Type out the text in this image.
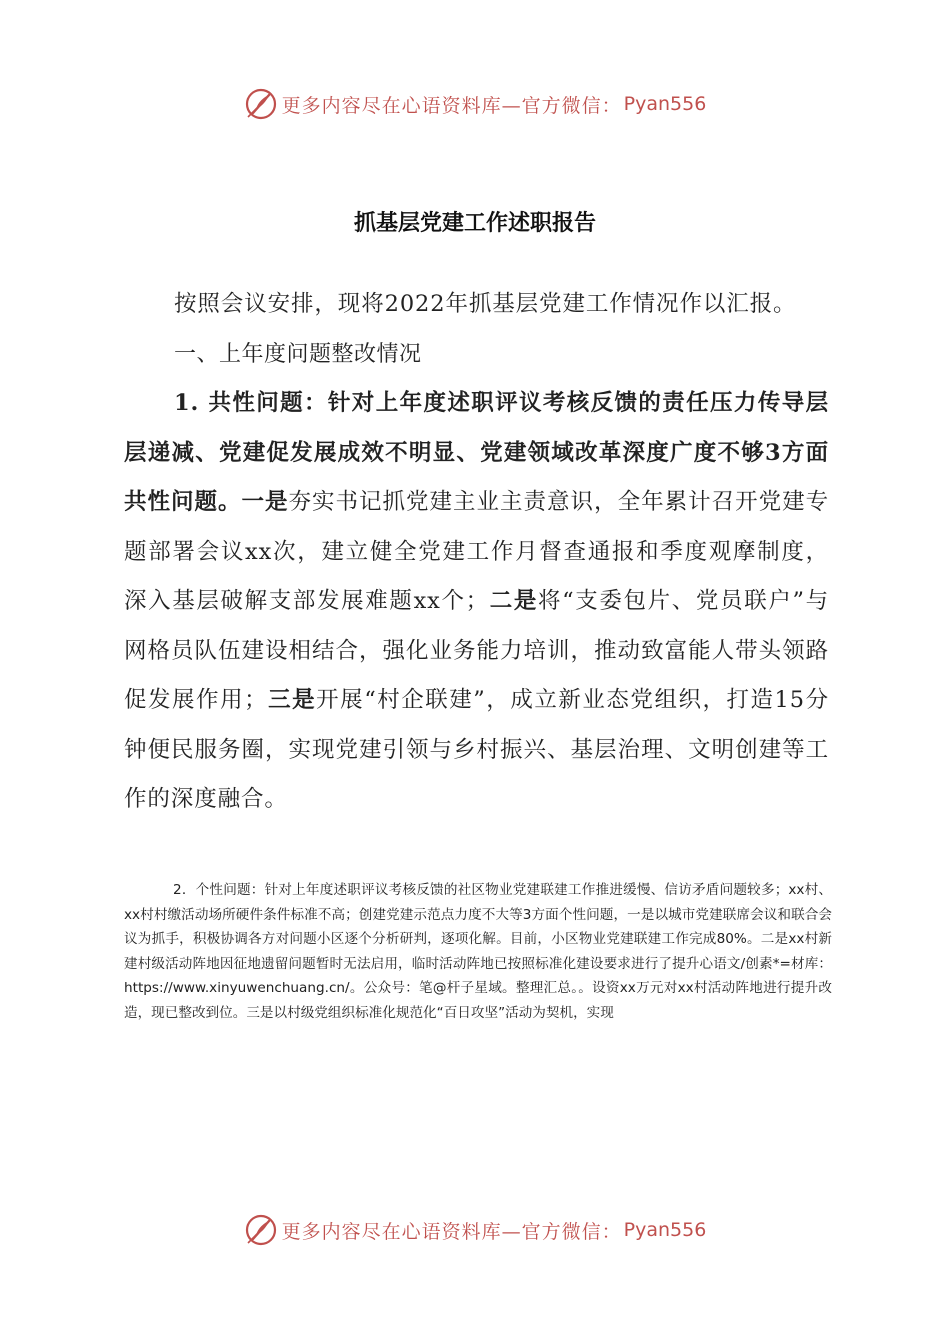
更多内容尽在心语资料库—官方微信： Pyan556
抓基层党建工作述职报告

按照会议安排，现将2022年抓基层党建工作情况作以汇报。

一、上年度问题整改情况

1. 共性问题：针对上年度述职评议考核反馈的责任压力传导层层递减、党建促发展成效不明显、党建领域改革深度广度不够3方面共性问题。一是夯实书记抓党建主业主责意识，全年累计召开党建专题部署会议xx次，建立健全党建工作月督查通报和季度观摩制度，深入基层破解支部发展难题xx个；二是将“支委包片、党员联户”与网格员队伍建设相结合，强化业务能力培训，推动致富能人带头领路促发展作用；三是开展“村企联建”，成立新业态党组织，打造15分钟便民服务圈，实现党建引领与乡村振兴、基层治理、文明创建等工作的深度融合。

2．个性问题：针对上年度述职评议考核反馈的社区物业党建联建工作推进缓慢、信访矛盾问题较多；xx村、xx村村缴活动场所硬件条件标准不高；创建党建示范点力度不大等3方面个性问题，一是以城市党建联席会议和联合会议为抓手，积极协调各方对问题小区逐个分析研判，逐项化解。目前，小区物业党建联建工作完成80%。二是xx村新建村级活动阵地因征地遗留问题暂时无法启用，临时活动阵地已按照标准化建设要求进行了提升心语文/创素*=材库：https://www.xinyuwenchuang.cn/。公众号：笔@杆子星域。整理汇总。。设资xx万元对xx村活动阵地进行提升改造，现已整改到位。三是以村级党组织标准化规范化“百日攻坚”活动为契机，实现

更多内容尽在心语资料库—官方微信： Pyan556
